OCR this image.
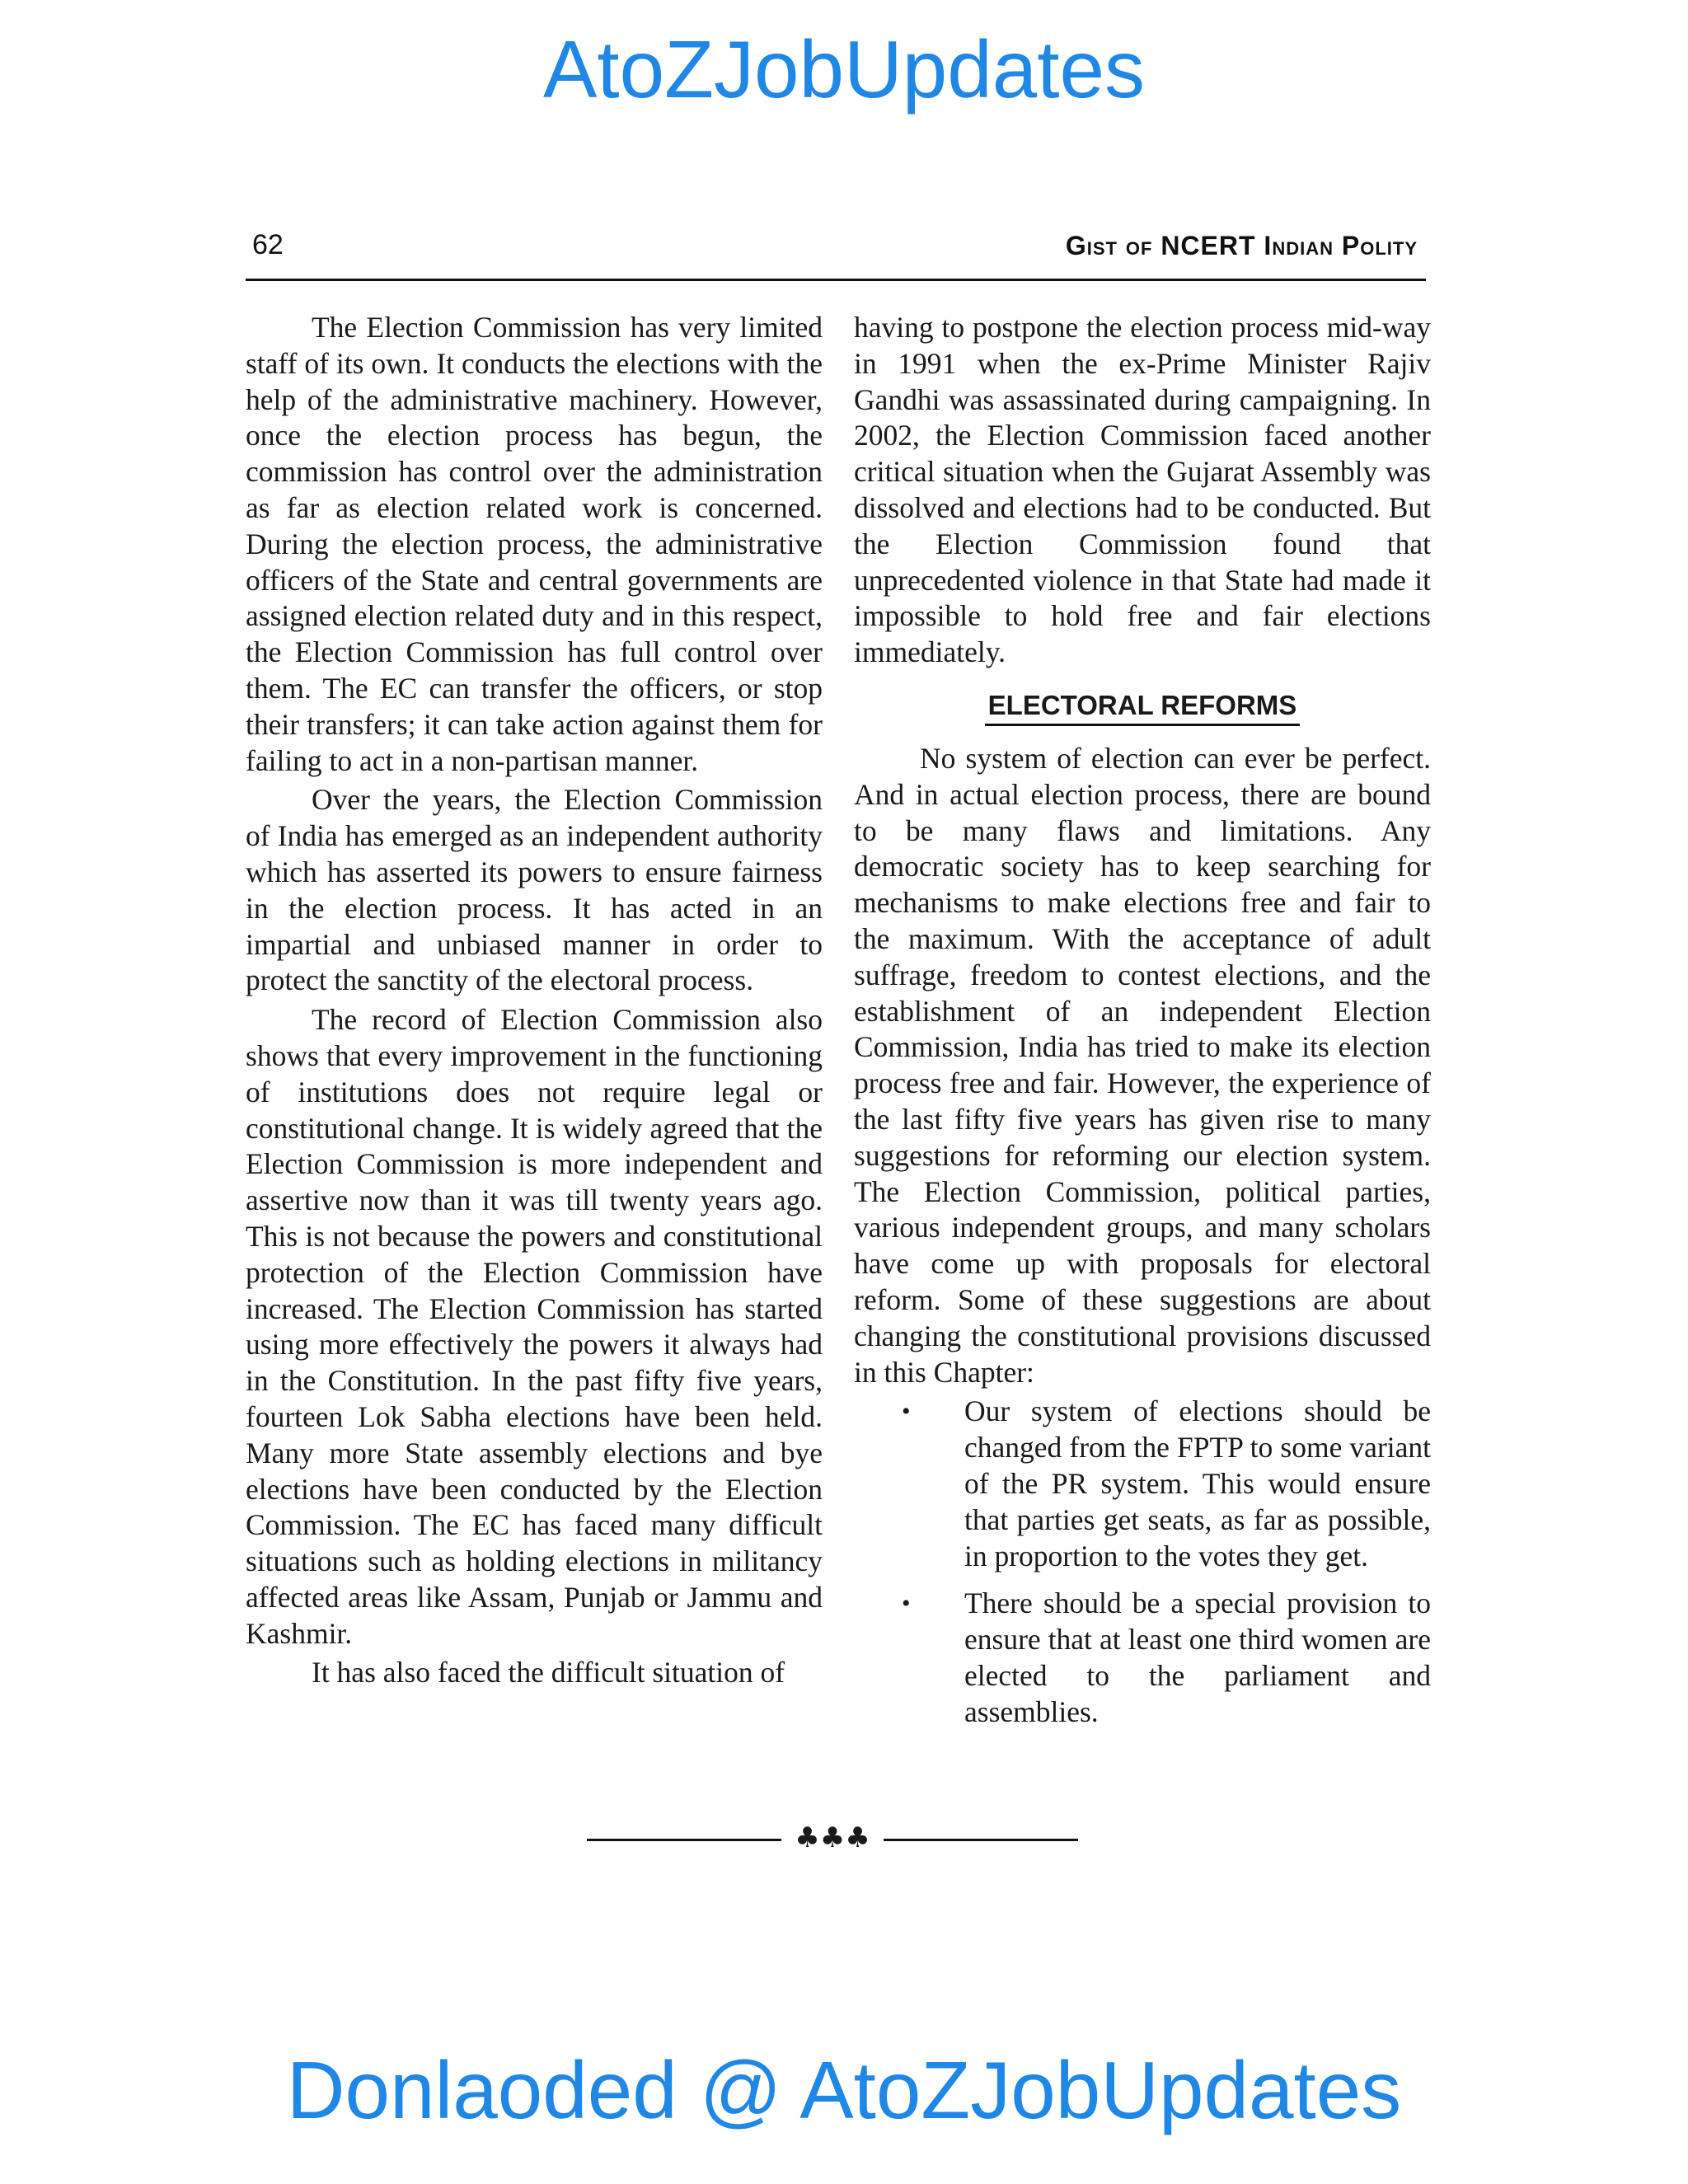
AtoZJobUpdates
62	Gist of NCERT Indian Polity

The Election Commission has very limited staff of its own. It conducts the elections with the help of the administrative machinery. However, once the election process has begun, the commission has control over the administration as far as election related work is concerned. During the election process, the administrative officers of the State and central governments are assigned election related duty and in this respect, the Election Commission has full control over them. The EC can transfer the officers, or stop their transfers; it can take action against them for failing to act in a non-partisan manner.

Over the years, the Election Commission of India has emerged as an independent authority which has asserted its powers to ensure fairness in the election process. It has acted in an impartial and unbiased manner in order to protect the sanctity of the electoral process.

The record of Election Commission also shows that every improvement in the functioning of institutions does not require legal or constitutional change. It is widely agreed that the Election Commission is more independent and assertive now than it was till twenty years ago. This is not because the powers and constitutional protection of the Election Commission have increased. The Election Commission has started using more effectively the powers it always had in the Constitution. In the past fifty five years, fourteen Lok Sabha elections have been held. Many more State assembly elections and bye elections have been conducted by the Election Commission. The EC has faced many difficult situations such as holding elections in militancy affected areas like Assam, Punjab or Jammu and Kashmir.

It has also faced the difficult situation of

having to postpone the election process mid-way in 1991 when the ex-Prime Minister Rajiv Gandhi was assassinated during campaigning. In 2002, the Election Commission faced another critical situation when the Gujarat Assembly was dissolved and elections had to be conducted. But the Election Commission found that unprecedented violence in that State had made it impossible to hold free and fair elections immediately.

ELECTORAL REFORMS

No system of election can ever be perfect. And in actual election process, there are bound to be many flaws and limitations. Any democratic society has to keep searching for mechanisms to make elections free and fair to the maximum. With the acceptance of adult suffrage, freedom to contest elections, and the establishment of an independent Election Commission, India has tried to make its election process free and fair. However, the experience of the last fifty five years has given rise to many suggestions for reforming our election system. The Election Commission, political parties, various independent groups, and many scholars have come up with proposals for electoral reform. Some of these suggestions are about changing the constitutional provisions discussed in this Chapter:

• Our system of elections should be changed from the FPTP to some variant of the PR system. This would ensure that parties get seats, as far as possible, in proportion to the votes they get.
• There should be a special provision to ensure that at least one third women are elected to the parliament and assemblies.
♣♣♣
Donlaoded @ AtoZJobUpdates
